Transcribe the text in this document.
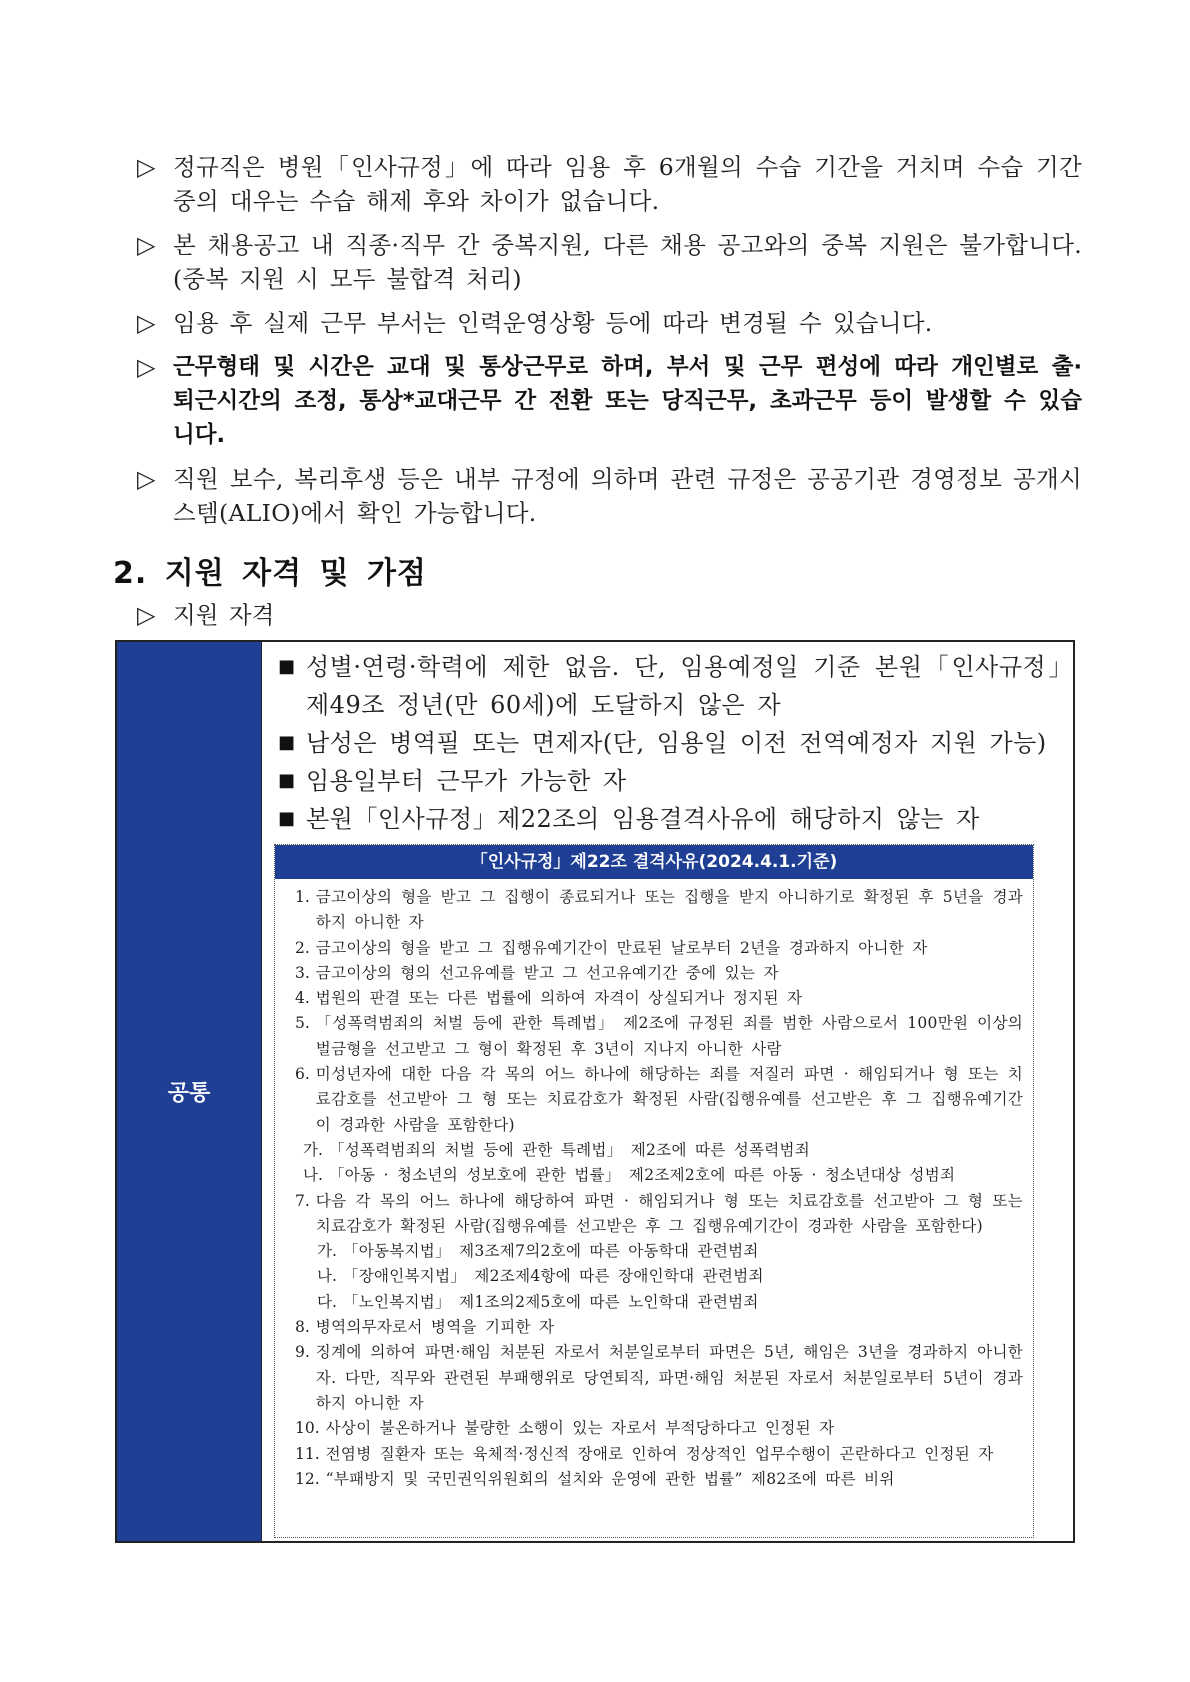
▷ 정규직은 병원「인사규정」에 따라 임용 후 6개월의 수습 기간을 거치며 수습 기간 중의 대우는 수습 해제 후와 차이가 없습니다.
▷ 본 채용공고 내 직종·직무 간 중복지원, 다른 채용 공고와의 중복 지원은 불가합니다. (중복 지원 시 모두 불합격 처리)
▷ 임용 후 실제 근무 부서는 인력운영상황 등에 따라 변경될 수 있습니다.
▷ 근무형태 및 시간은 교대 및 통상근무로 하며, 부서 및 근무 편성에 따라 개인별로 출·퇴근시간의 조정, 통상*교대근무 간 전환 또는 당직근무, 초과근무 등이 발생할 수 있습니다.
▷ 직원 보수, 복리후생 등은 내부 규정에 의하며 관련 규정은 공공기관 경영정보 공개시스템(ALIO)에서 확인 가능합니다.
2. 지원 자격 및 가점
▷ 지원 자격
공통
■ 성별·연령·학력에 제한 없음. 단, 임용예정일 기준 본원「인사규정」제49조 정년(만 60세)에 도달하지 않은 자
■ 남성은 병역필 또는 면제자(단, 임용일 이전 전역예정자 지원 가능)
■ 임용일부터 근무가 가능한 자
■ 본원「인사규정」제22조의 임용결격사유에 해당하지 않는 자
「인사규정」제22조 결격사유(2024.4.1.기준)
1. 금고이상의 형을 받고 그 집행이 종료되거나 또는 집행을 받지 아니하기로 확정된 후 5년을 경과하지 아니한 자
2. 금고이상의 형을 받고 그 집행유예기간이 만료된 날로부터 2년을 경과하지 아니한 자
3. 금고이상의 형의 선고유예를 받고 그 선고유예기간 중에 있는 자
4. 법원의 판결 또는 다른 법률에 의하여 자격이 상실되거나 정지된 자
5. 「성폭력범죄의 처벌 등에 관한 특례법」 제2조에 규정된 죄를 범한 사람으로서 100만원 이상의 벌금형을 선고받고 그 형이 확정된 후 3년이 지나지 아니한 사람
6. 미성년자에 대한 다음 각 목의 어느 하나에 해당하는 죄를 저질러 파면 · 해임되거나 형 또는 치료감호를 선고받아 그 형 또는 치료감호가 확정된 사람(집행유예를 선고받은 후 그 집행유예기간이 경과한 사람을 포함한다)
가. 「성폭력범죄의 처벌 등에 관한 특례법」 제2조에 따른 성폭력범죄
나. 「아동 · 청소년의 성보호에 관한 법률」 제2조제2호에 따른 아동 · 청소년대상 성범죄
7. 다음 각 목의 어느 하나에 해당하여 파면 · 해임되거나 형 또는 치료감호를 선고받아 그 형 또는 치료감호가 확정된 사람(집행유예를 선고받은 후 그 집행유예기간이 경과한 사람을 포함한다)
가. 「아동복지법」 제3조제7의2호에 따른 아동학대 관련범죄
나. 「장애인복지법」 제2조제4항에 따른 장애인학대 관련범죄
다. 「노인복지법」 제1조의2제5호에 따른 노인학대 관련범죄
8. 병역의무자로서 병역을 기피한 자
9. 징계에 의하여 파면·해임 처분된 자로서 처분일로부터 파면은 5년, 해임은 3년을 경과하지 아니한 자. 다만, 직무와 관련된 부패행위로 당연퇴직, 파면·해임 처분된 자로서 처분일로부터 5년이 경과하지 아니한 자
10. 사상이 불온하거나 불량한 소행이 있는 자로서 부적당하다고 인정된 자
11. 전염병 질환자 또는 육체적·정신적 장애로 인하여 정상적인 업무수행이 곤란하다고 인정된 자
12. “부패방지 및 국민권익위원회의 설치와 운영에 관한 법률” 제82조에 따른 비위
